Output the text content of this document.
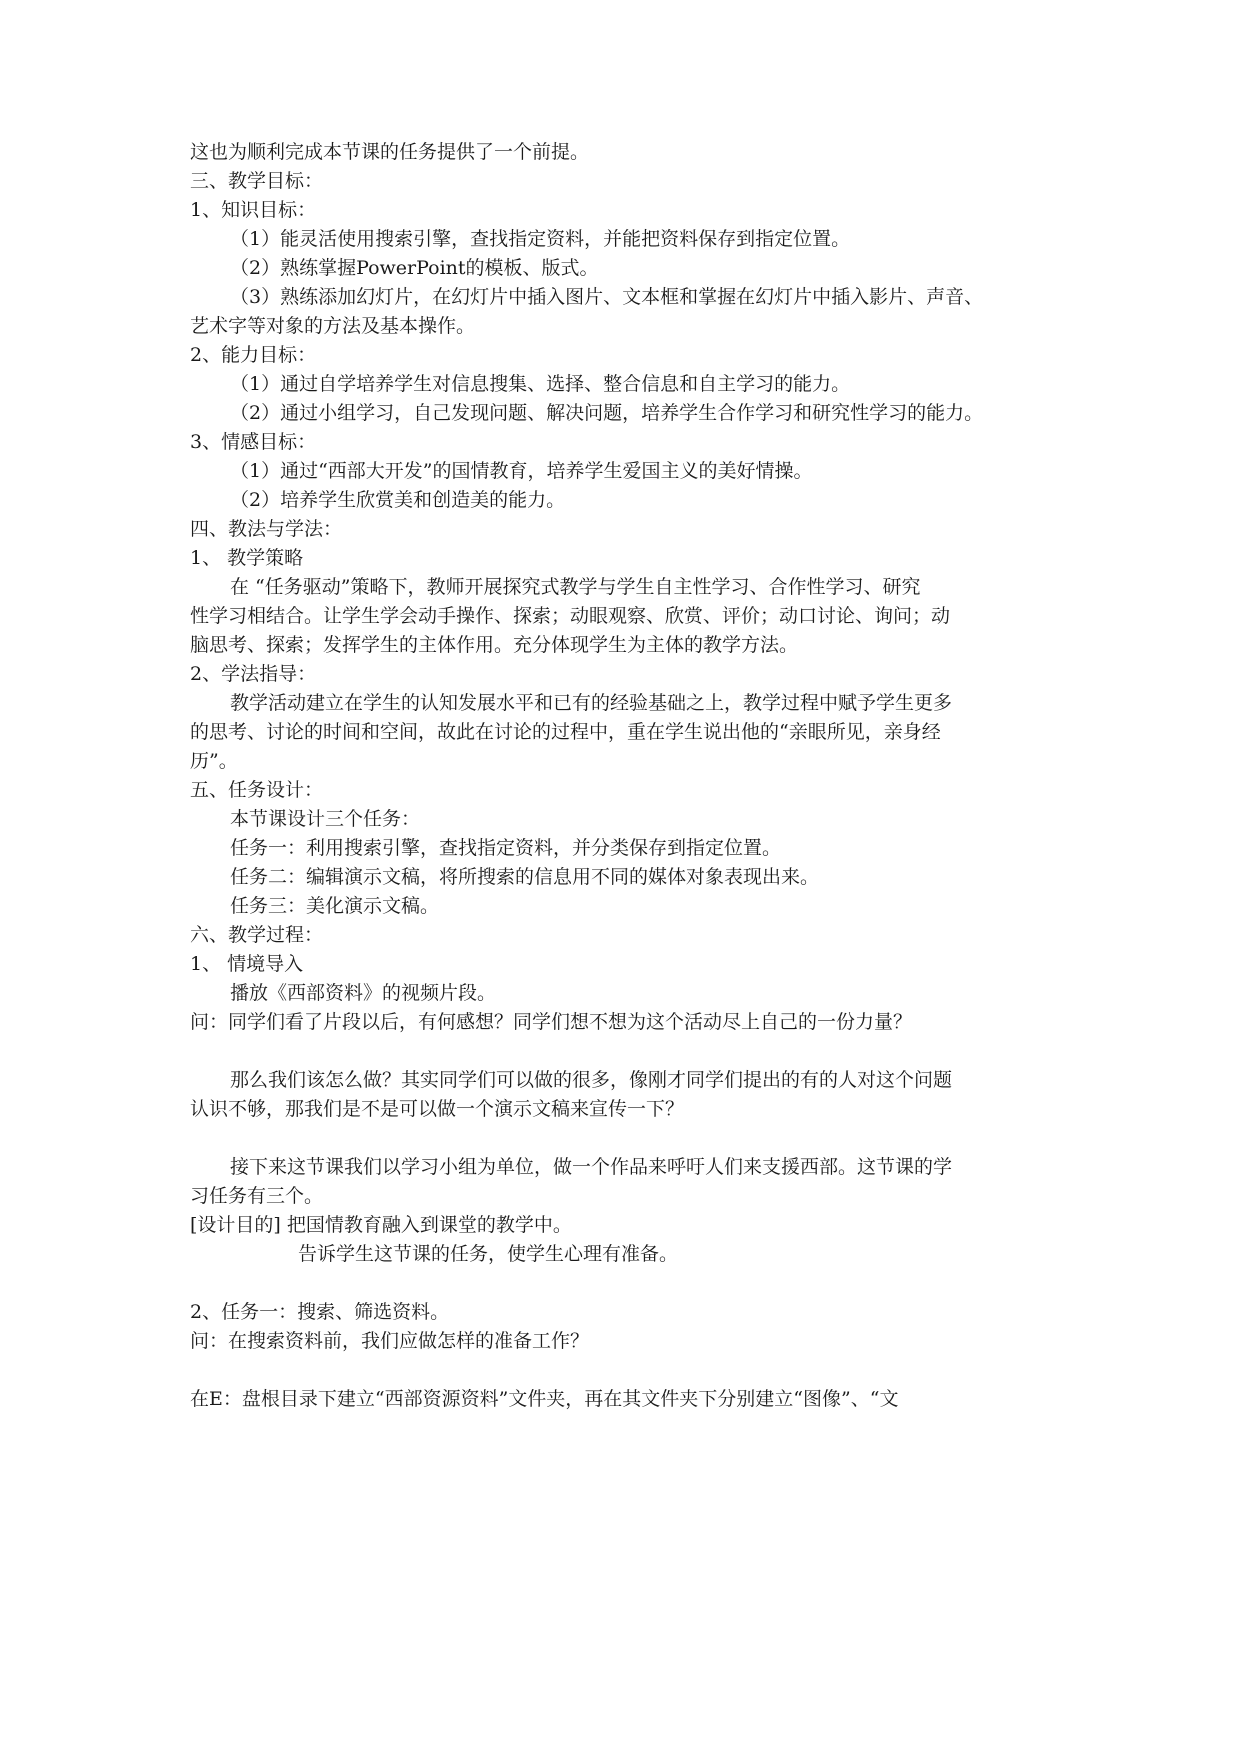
这也为顺利完成本节课的任务提供了一个前提。
三、教学目标：
1、知识目标：
（1）能灵活使用搜索引擎，查找指定资料，并能把资料保存到指定位置。
（2）熟练掌握PowerPoint的模板、版式。
（3）熟练添加幻灯片，在幻灯片中插入图片、文本框和掌握在幻灯片中插入影片、声音、
艺术字等对象的方法及基本操作。
2、能力目标：
（1）通过自学培养学生对信息搜集、选择、整合信息和自主学习的能力。
（2）通过小组学习，自己发现问题、解决问题，培养学生合作学习和研究性学习的能力。
3、情感目标：
（1）通过“西部大开发”的国情教育，培养学生爱国主义的美好情操。
（2）培养学生欣赏美和创造美的能力。
四、教法与学法：
1、 教学策略
在 “任务驱动”策略下，教师开展探究式教学与学生自主性学习、合作性学习、研究
性学习相结合。让学生学会动手操作、探索；动眼观察、欣赏、评价；动口讨论、询问；动
脑思考、探索；发挥学生的主体作用。充分体现学生为主体的教学方法。
2、学法指导：
教学活动建立在学生的认知发展水平和已有的经验基础之上，教学过程中赋予学生更多
的思考、讨论的时间和空间，故此在讨论的过程中，重在学生说出他的“亲眼所见，亲身经
历”。
五、任务设计：
本节课设计三个任务：
任务一：利用搜索引擎，查找指定资料，并分类保存到指定位置。
任务二：编辑演示文稿，将所搜索的信息用不同的媒体对象表现出来。
任务三：美化演示文稿。
六、教学过程：
1、 情境导入
播放《西部资料》的视频片段。
问：同学们看了片段以后，有何感想？同学们想不想为这个活动尽上自己的一份力量？
那么我们该怎么做？其实同学们可以做的很多，像刚才同学们提出的有的人对这个问题
认识不够，那我们是不是可以做一个演示文稿来宣传一下？
接下来这节课我们以学习小组为单位，做一个作品来呼吁人们来支援西部。这节课的学
习任务有三个。
[设计目的] 把国情教育融入到课堂的教学中。
告诉学生这节课的任务，使学生心理有准备。
2、任务一：搜索、筛选资料。
问：在搜索资料前，我们应做怎样的准备工作？
在E：盘根目录下建立“西部资源资料”文件夹，再在其文件夹下分别建立“图像”、“文
